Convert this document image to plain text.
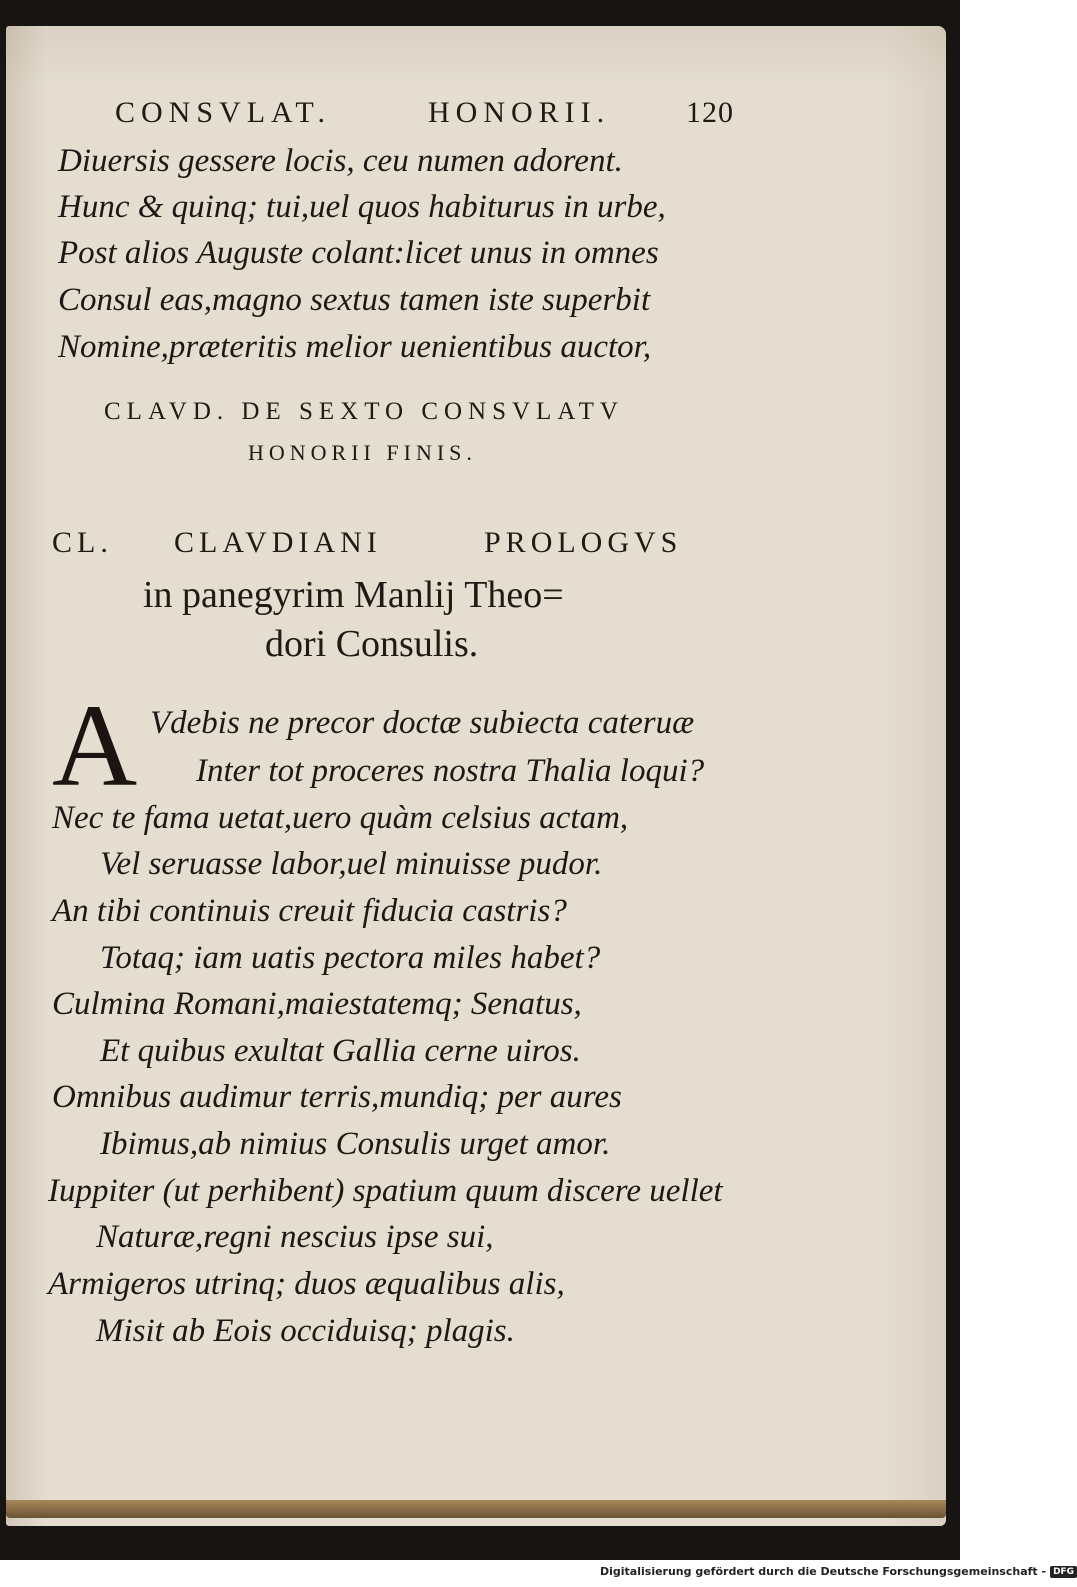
CONSVLAT.	HONORII.	120
Diuersis gessere locis, ceu numen adorent.
Hunc & quinq; tui,uel quos habiturus in urbe,
Post alios Auguste colant:licet unus in omnes
Consul eas,magno sextus tamen iste superbit
Nomine,præteritis melior uenientibus auctor,
CLAVD. DE SEXTO CONSVLATV
HONORII FINIS.
CL. CLAVDIANI	PROLOGVS
in panegyrim Manlij Theo=
dori Consulis.
A Vdebis ne precor doctæ subiecta cateruæ
Inter tot proceres nostra Thalia loqui?
Nec te fama uetat,uero quàm celsius actam,
Vel seruasse labor,uel minuisse pudor.
An tibi continuis creuit fiducia castris?
Totaq; iam uatis pectora miles habet?
Culmina Romani,maiestatemq; Senatus,
Et quibus exultat Gallia cerne uiros.
Omnibus audimur terris,mundiq; per aures
Ibimus,ab nimius Consulis urget amor.
Iuppiter (ut perhibent) spatium quum discere uellet
Naturæ,regni nescius ipse sui,
Armigeros utrinq; duos æqualibus alis,
Misit ab Eois occiduisq; plagis.
Digitalisierung gefördert durch die Deutsche Forschungsgemeinschaft - DFG
